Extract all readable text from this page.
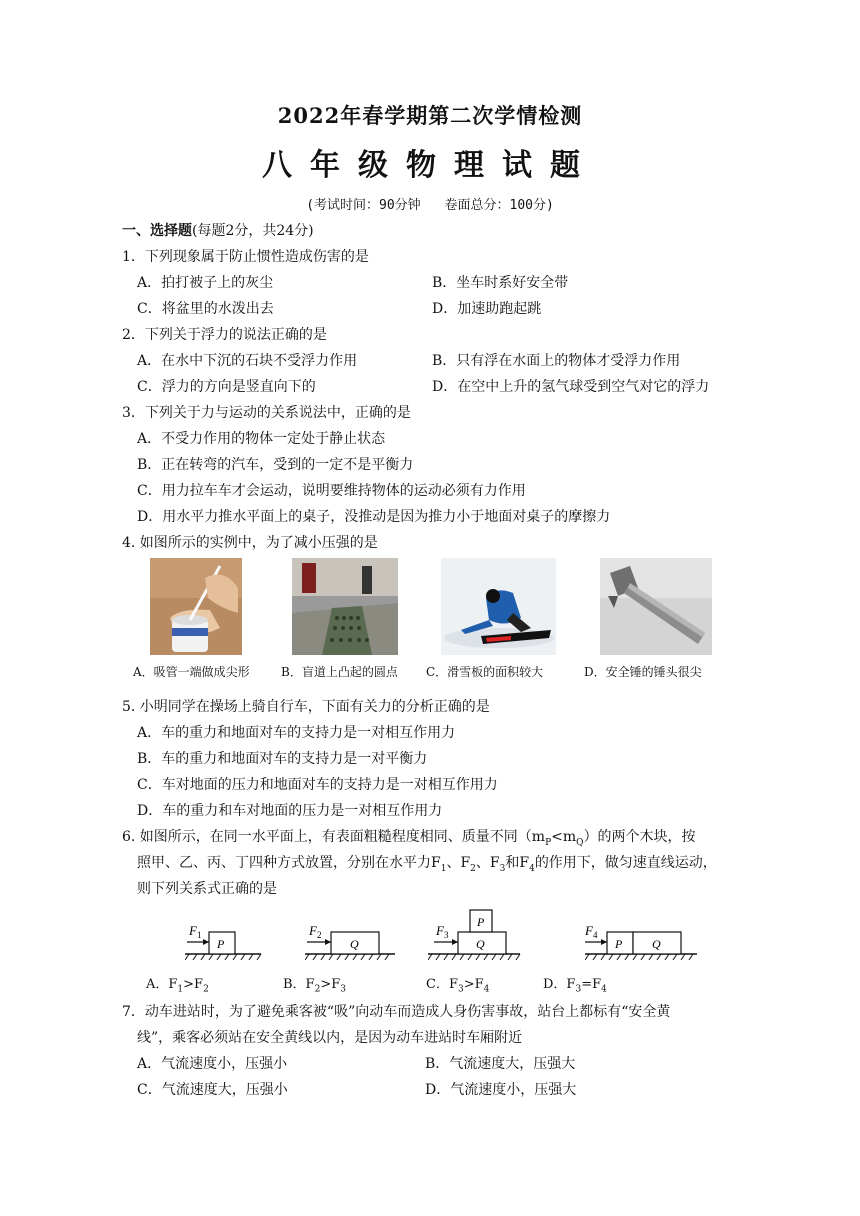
2022年春学期第二次学情检测
八年级物理试题
(考试时间：90分钟 卷面总分：100分)
一、选择题(每题2分，共24分)
1．下列现象属于防止惯性造成伤害的是
A．拍打被子上的灰尘	B．坐车时系好安全带
C．将盆里的水泼出去	D．加速助跑起跳
2．下列关于浮力的说法正确的是
A．在水中下沉的石块不受浮力作用	B．只有浮在水面上的物体才受浮力作用
C．浮力的方向是竖直向下的	D．在空中上升的氢气球受到空气对它的浮力
3．下列关于力与运动的关系说法中，正确的是
A．不受力作用的物体一定处于静止状态
B．正在转弯的汽车，受到的一定不是平衡力
C．用力拉车车才会运动，说明要维持物体的运动必须有力作用
D．用水平力推水平面上的桌子，没推动是因为推力小于地面对桌子的摩擦力
4. 如图所示的实例中，为了减小压强的是
A．吸管一端做成尖形	B．盲道上凸起的圆点 C．滑雪板的面积较大	D．安全锤的锤头很尖
5. 小明同学在操场上骑自行车，下面有关力的分析正确的是
A．车的重力和地面对车的支持力是一对相互作用力
B．车的重力和地面对车的支持力是一对平衡力
C．车对地面的压力和地面对车的支持力是一对相互作用力
D．车的重力和车对地面的压力是一对相互作用力
6. 如图所示，在同一水平面上，有表面粗糙程度相同、质量不同$(m_P<m_Q)$的两个木块，按
照甲、乙、丙、丁四种方式放置，分别在水平力$F_1$、$F_2$、$F_3$和$F_4$的作用下，做匀速直线运动，
则下列关系式正确的是
F 1
P
F 2
Q
F 3
Q
P
F 4
P Q
A．$F_1>F_2$	B．$F_2>F_3$	C．$F_3>F_4$	D．$F_3=F_4$
7．动车进站时，为了避免乘客被“吸”向动车而造成人身伤害事故，站台上都标有“安全黄
线”，乘客必须站在安全黄线以内，是因为动车进站时车厢附近
A．气流速度小，压强小	B．气流速度大，压强大
C．气流速度大，压强小	D．气流速度小，压强大
